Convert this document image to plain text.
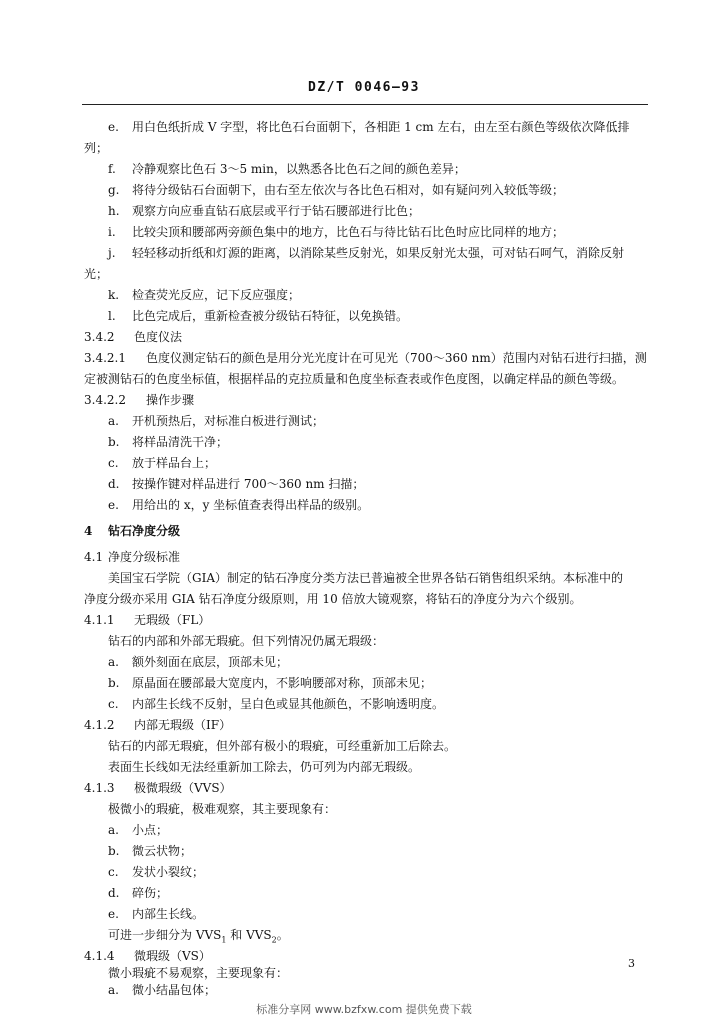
DZ/T 0046—93
e. 用白色纸折成 V 字型，将比色石台面朝下，各相距 1 cm 左右，由左至右颜色等级依次降低排
列；
f. 冷静观察比色石 3～5 min，以熟悉各比色石之间的颜色差异；
g. 将待分级钻石台面朝下，由右至左依次与各比色石相对，如有疑问列入较低等级；
h. 观察方向应垂直钻石底层或平行于钻石腰部进行比色；
i. 比较尖顶和腰部两旁颜色集中的地方，比色石与待比钻石比色时应比同样的地方；
j. 轻轻移动折纸和灯源的距离，以消除某些反射光，如果反射光太强，可对钻石呵气，消除反射
光；
k. 检查荧光反应，记下反应强度；
l. 比色完成后，重新检查被分级钻石特征，以免换错。
3.4.2 色度仪法
3.4.2.1 色度仪测定钻石的颜色是用分光光度计在可见光（700～360 nm）范围内对钻石进行扫描，测
定被测钻石的色度坐标值，根据样品的克拉质量和色度坐标查表或作色度图，以确定样品的颜色等级。
3.4.2.2 操作步骤
a. 开机预热后，对标准白板进行测试；
b. 将样品清洗干净；
c. 放于样品台上；
d. 按操作键对样品进行 700～360 nm 扫描；
e. 用给出的 x，y 坐标值查表得出样品的级别。
4 钻石净度分级
4.1 净度分级标准
美国宝石学院（GIA）制定的钻石净度分类方法已普遍被全世界各钻石销售组织采纳。本标准中的
净度分级亦采用 GIA 钻石净度分级原则，用 10 倍放大镜观察，将钻石的净度分为六个级别。
4.1.1 无瑕级（FL）
钻石的内部和外部无瑕疵。但下列情况仍属无瑕级：
a. 额外刻面在底层，顶部未见；
b. 原晶面在腰部最大宽度内，不影响腰部对称，顶部未见；
c. 内部生长线不反射，呈白色或显其他颜色，不影响透明度。
4.1.2 内部无瑕级（IF）
钻石的内部无瑕疵，但外部有极小的瑕疵，可经重新加工后除去。
表面生长线如无法经重新加工除去，仍可列为内部无瑕级。
4.1.3 极微瑕级（VVS）
极微小的瑕疵，极难观察，其主要现象有：
a. 小点；
b. 微云状物；
c. 发状小裂纹；
d. 碎伤；
e. 内部生长线。
可进一步细分为 $VVS_1$ 和 $VVS_2$。
4.1.4 微瑕级（VS）
微小瑕疵不易观察，主要现象有：
a. 微小结晶包体；
3
标准分享网 www.bzfxw.com 提供免费下载
